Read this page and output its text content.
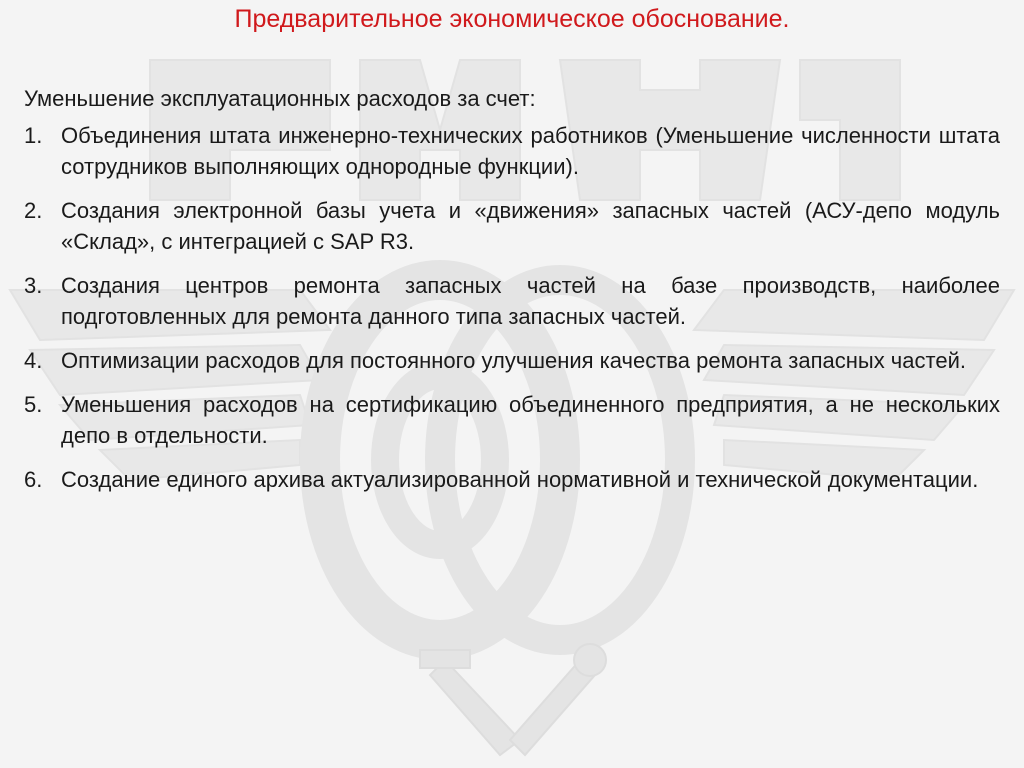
Предварительное экономическое обоснование.

Уменьшение эксплуатационных расходов за счет:

1. Объединения штата инженерно-технических работников (Уменьшение численности штата сотрудников выполняющих однородные функции).
2. Создания электронной базы учета и «движения» запасных частей (АСУ-депо модуль «Склад», с интеграцией с SAP R3.
3. Создания центров ремонта запасных частей на базе производств, наиболее подготовленных для ремонта данного типа запасных частей.
4. Оптимизации расходов для постоянного улучшения качества ремонта запасных частей.
5. Уменьшения расходов на сертификацию объединенного предприятия, а не нескольких депо в отдельности.
6. Создание единого архива актуализированной нормативной и технической документации.
